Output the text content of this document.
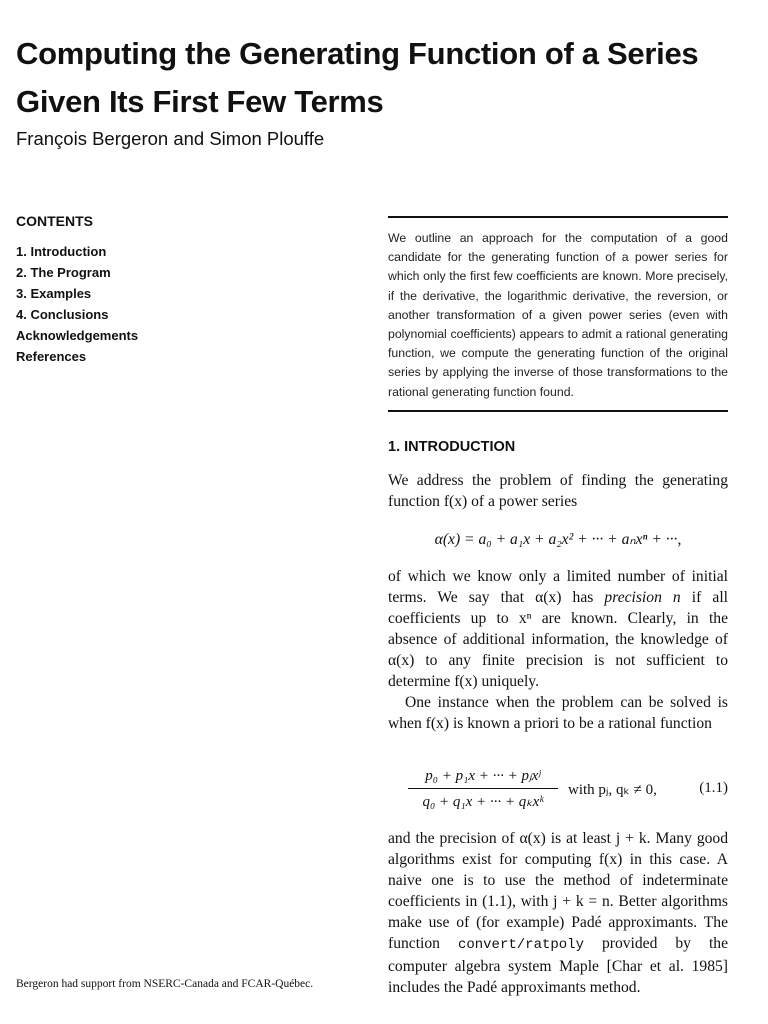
Computing the Generating Function of a Series Given Its First Few Terms

François Bergeron and Simon Plouffe

CONTENTS
1. Introduction
2. The Program
3. Examples
4. Conclusions
Acknowledgements
References

We outline an approach for the computation of a good candidate for the generating function of a power series for which only the first few coefficients are known. More precisely, if the derivative, the logarithmic derivative, the reversion, or another transformation of a given power series (even with polynomial coefficients) appears to admit a rational generating function, we compute the generating function of the original series by applying the inverse of those transformations to the rational generating function found.

1. INTRODUCTION

We address the problem of finding the generating function f(x) of a power series

α(x) = a₀ + a₁x + a₂x² + ··· + aₙxⁿ + ···,

of which we know only a limited number of initial terms. We say that α(x) has precision n if all coefficients up to xⁿ are known. Clearly, in the absence of additional information, the knowledge of α(x) to any finite precision is not sufficient to determine f(x) uniquely.

One instance when the problem can be solved is when f(x) is known a priori to be a rational function

p₀ + p₁x + ··· + pⱼxʲ
q₀ + q₁x + ··· + qₖxᵏ
with pⱼ, qₖ ≠ 0,	(1.1)

and the precision of α(x) is at least j + k. Many good algorithms exist for computing f(x) in this case. A naive one is to use the method of indeterminate coefficients in (1.1), with j + k = n. Better algorithms make use of (for example) Padé approximants. The function convert/ratpoly provided by the computer algebra system Maple [Char et al. 1985] includes the Padé approximants method.

Bergeron had support from NSERC-Canada and FCAR-Québec.
